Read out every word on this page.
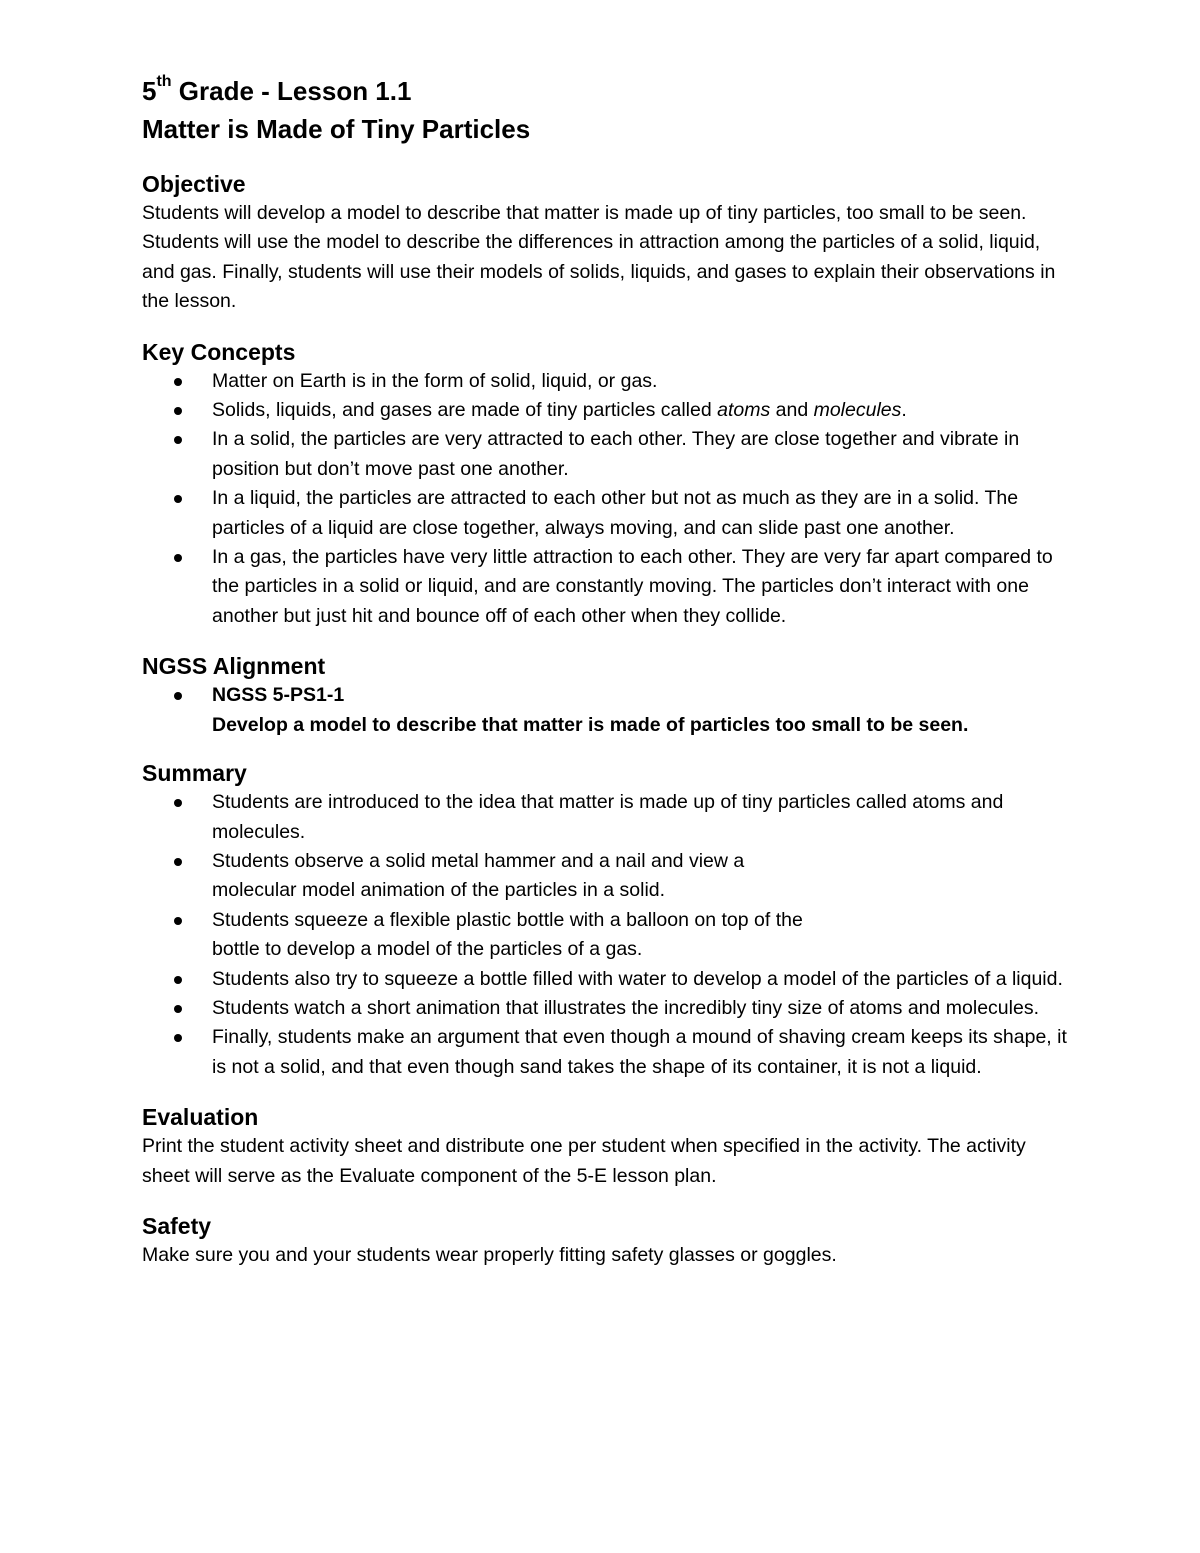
5th Grade - Lesson 1.1
Matter is Made of Tiny Particles
Objective

Students will develop a model to describe that matter is made up of tiny particles, too small to be seen. Students will use the model to describe the differences in attraction among the particles of a solid, liquid, and gas. Finally, students will use their models of solids, liquids, and gases to explain their observations in the lesson.

Key Concepts
Matter on Earth is in the form of solid, liquid, or gas.
Solids, liquids, and gases are made of tiny particles called atoms and molecules.
In a solid, the particles are very attracted to each other. They are close together and vibrate in position but don’t move past one another.
In a liquid, the particles are attracted to each other but not as much as they are in a solid. The particles of a liquid are close together, always moving, and can slide past one another.
In a gas, the particles have very little attraction to each other. They are very far apart compared to the particles in a solid or liquid, and are constantly moving. The particles don’t interact with one another but just hit and bounce off of each other when they collide.
NGSS Alignment
NGSS 5-PS1-1
Develop a model to describe that matter is made of particles too small to be seen.
Summary
Students are introduced to the idea that matter is made up of tiny particles called atoms and molecules.
Students observe a solid metal hammer and a nail and view a
molecular model animation of the particles in a solid.
Students squeeze a flexible plastic bottle with a balloon on top of the
bottle to develop a model of the particles of a gas.
Students also try to squeeze a bottle filled with water to develop a model of the particles of a liquid.
Students watch a short animation that illustrates the incredibly tiny size of atoms and molecules.
Finally, students make an argument that even though a mound of shaving cream keeps its shape, it is not a solid, and that even though sand takes the shape of its container, it is not a liquid.
Evaluation

Print the student activity sheet and distribute one per student when specified in the activity. The activity sheet will serve as the Evaluate component of the 5-E lesson plan.

Safety

Make sure you and your students wear properly fitting safety glasses or goggles.
